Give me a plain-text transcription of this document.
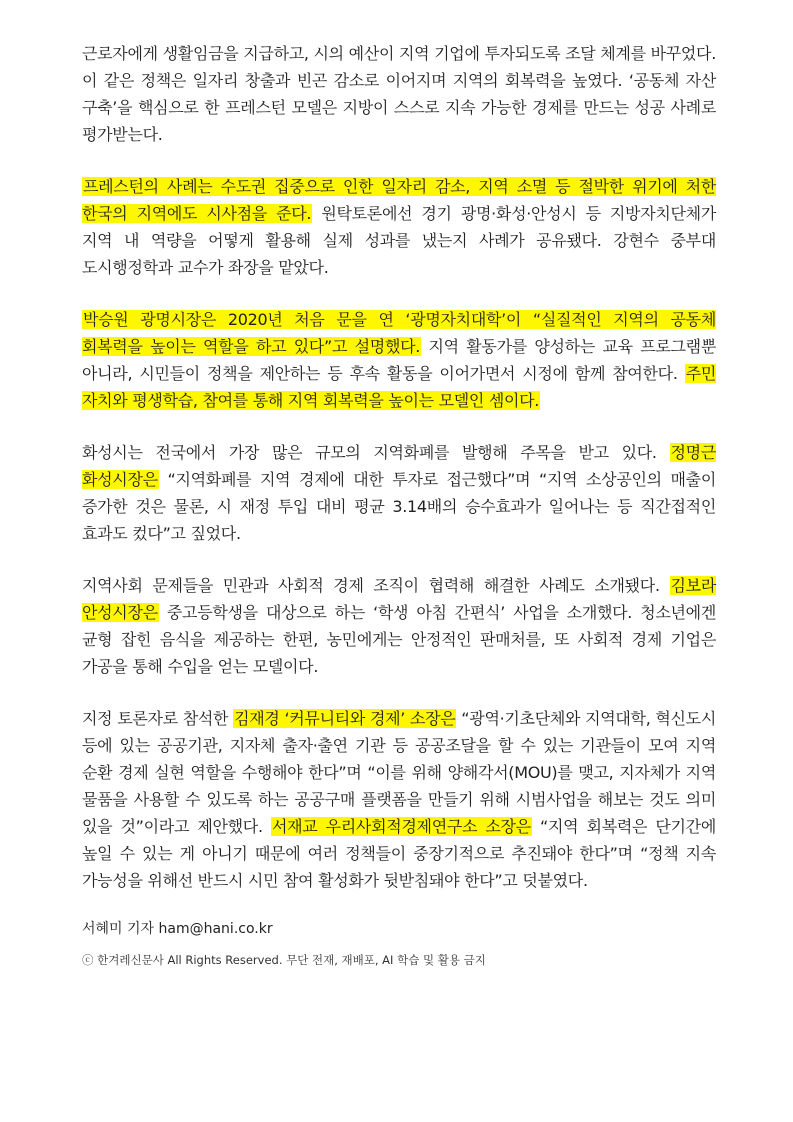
근로자에게 생활임금을 지급하고, 시의 예산이 지역 기업에 투자되도록 조달 체계를 바꾸었다. 이 같은 정책은 일자리 창출과 빈곤 감소로 이어지며 지역의 회복력을 높였다. ‘공동체 자산 구축’을 핵심으로 한 프레스턴 모델은 지방이 스스로 지속 가능한 경제를 만드는 성공 사례로 평가받는다.

프레스턴의 사례는 수도권 집중으로 인한 일자리 감소, 지역 소멸 등 절박한 위기에 처한 한국의 지역에도 시사점을 준다. 원탁토론에선 경기 광명·화성·안성시 등 지방자치단체가 지역 내 역량을 어떻게 활용해 실제 성과를 냈는지 사례가 공유됐다. 강현수 중부대 도시행정학과 교수가 좌장을 맡았다.

박승원 광명시장은 2020년 처음 문을 연 ‘광명자치대학’이 “실질적인 지역의 공동체 회복력을 높이는 역할을 하고 있다”고 설명했다. 지역 활동가를 양성하는 교육 프로그램뿐 아니라, 시민들이 정책을 제안하는 등 후속 활동을 이어가면서 시정에 함께 참여한다. 주민 자치와 평생학습, 참여를 통해 지역 회복력을 높이는 모델인 셈이다.

화성시는 전국에서 가장 많은 규모의 지역화폐를 발행해 주목을 받고 있다. 정명근 화성시장은 “지역화폐를 지역 경제에 대한 투자로 접근했다”며 “지역 소상공인의 매출이 증가한 것은 물론, 시 재정 투입 대비 평균 3.14배의 승수효과가 일어나는 등 직간접적인 효과도 컸다”고 짚었다.

지역사회 문제들을 민관과 사회적 경제 조직이 협력해 해결한 사례도 소개됐다. 김보라 안성시장은 중고등학생을 대상으로 하는 ‘학생 아침 간편식’ 사업을 소개했다. 청소년에겐 균형 잡힌 음식을 제공하는 한편, 농민에게는 안정적인 판매처를, 또 사회적 경제 기업은 가공을 통해 수입을 얻는 모델이다.

지정 토론자로 참석한 김재경 ‘커뮤니티와 경제’ 소장은 “광역·기초단체와 지역대학, 혁신도시 등에 있는 공공기관, 지자체 출자·출연 기관 등 공공조달을 할 수 있는 기관들이 모여 지역 순환 경제 실현 역할을 수행해야 한다”며 “이를 위해 양해각서(MOU)를 맺고, 지자체가 지역 물품을 사용할 수 있도록 하는 공공구매 플랫폼을 만들기 위해 시범사업을 해보는 것도 의미 있을 것”이라고 제안했다. 서재교 우리사회적경제연구소 소장은 “지역 회복력은 단기간에 높일 수 있는 게 아니기 때문에 여러 정책들이 중장기적으로 추진돼야 한다”며 “정책 지속 가능성을 위해선 반드시 시민 참여 활성화가 뒷받침돼야 한다”고 덧붙였다.

서혜미 기자 ham@hani.co.kr

ⓒ 한겨레신문사 All Rights Reserved. 무단 전재, 재배포, AI 학습 및 활용 금지
